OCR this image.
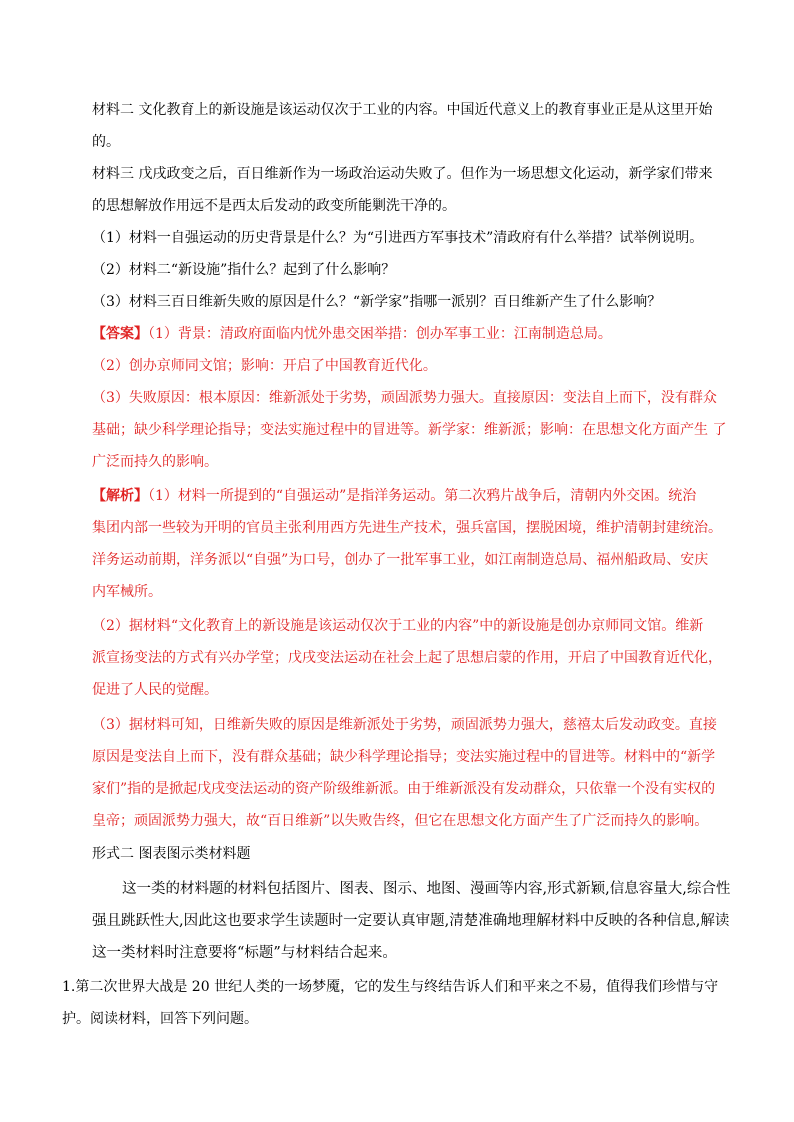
材料二 文化教育上的新设施是该运动仅次于工业的内容。中国近代意义上的教育事业正是从这里开始
的。
材料三 戊戌政变之后，百日维新作为一场政治运动失败了。但作为一场思想文化运动，新学家们带来
的思想解放作用远不是西太后发动的政变所能剿洗干净的。
（1）材料一自强运动的历史背景是什么？为“引进西方军事技术”清政府有什么举措？试举例说明。
（2）材料二“新设施”指什么？起到了什么影响？
（3）材料三百日维新失败的原因是什么？“新学家”指哪一派别？百日维新产生了什么影响？
【答案】（1）背景：清政府面临内忧外患交困举措：创办军事工业：江南制造总局。
（2）创办京师同文馆；影响：开启了中国教育近代化。
（3）失败原因：根本原因：维新派处于劣势，顽固派势力强大。直接原因：变法自上而下，没有群众
基础；缺少科学理论指导；变法实施过程中的冒进等。新学家：维新派；影响：在思想文化方面产生 了
广泛而持久的影响。
【解析】（1）材料一所提到的“自强运动”是指洋务运动。第二次鸦片战争后，清朝内外交困。统治
集团内部一些较为开明的官员主张利用西方先进生产技术，强兵富国，摆脱困境，维护清朝封建统治。
洋务运动前期，洋务派以“自强”为口号，创办了一批军事工业，如江南制造总局、福州船政局、安庆
内军械所。
（2）据材料“文化教育上的新设施是该运动仅次于工业的内容”中的新设施是创办京师同文馆。维新
派宣扬变法的方式有兴办学堂；戊戌变法运动在社会上起了思想启蒙的作用，开启了中国教育近代化，
促进了人民的觉醒。
（3）据材料可知，日维新失败的原因是维新派处于劣势，顽固派势力强大，慈禧太后发动政变。直接
原因是变法自上而下，没有群众基础；缺少科学理论指导；变法实施过程中的冒进等。材料中的“新学
家们”指的是掀起戊戌变法运动的资产阶级维新派。由于维新派没有发动群众，只依靠一个没有实权的
皇帝；顽固派势力强大，故“百日维新”以失败告终，但它在思想文化方面产生了广泛而持久的影响。
形式二 图表图示类材料题
这一类的材料题的材料包括图片、图表、图示、地图、漫画等内容,形式新颖,信息容量大,综合性
强且跳跃性大,因此这也要求学生读题时一定要认真审题,清楚准确地理解材料中反映的各种信息,解读
这一类材料时注意要将“标题”与材料结合起来。
1.第二次世界大战是 20 世纪人类的一场梦魇，它的发生与终结告诉人们和平来之不易，值得我们珍惜与守
护。阅读材料，回答下列问题。
